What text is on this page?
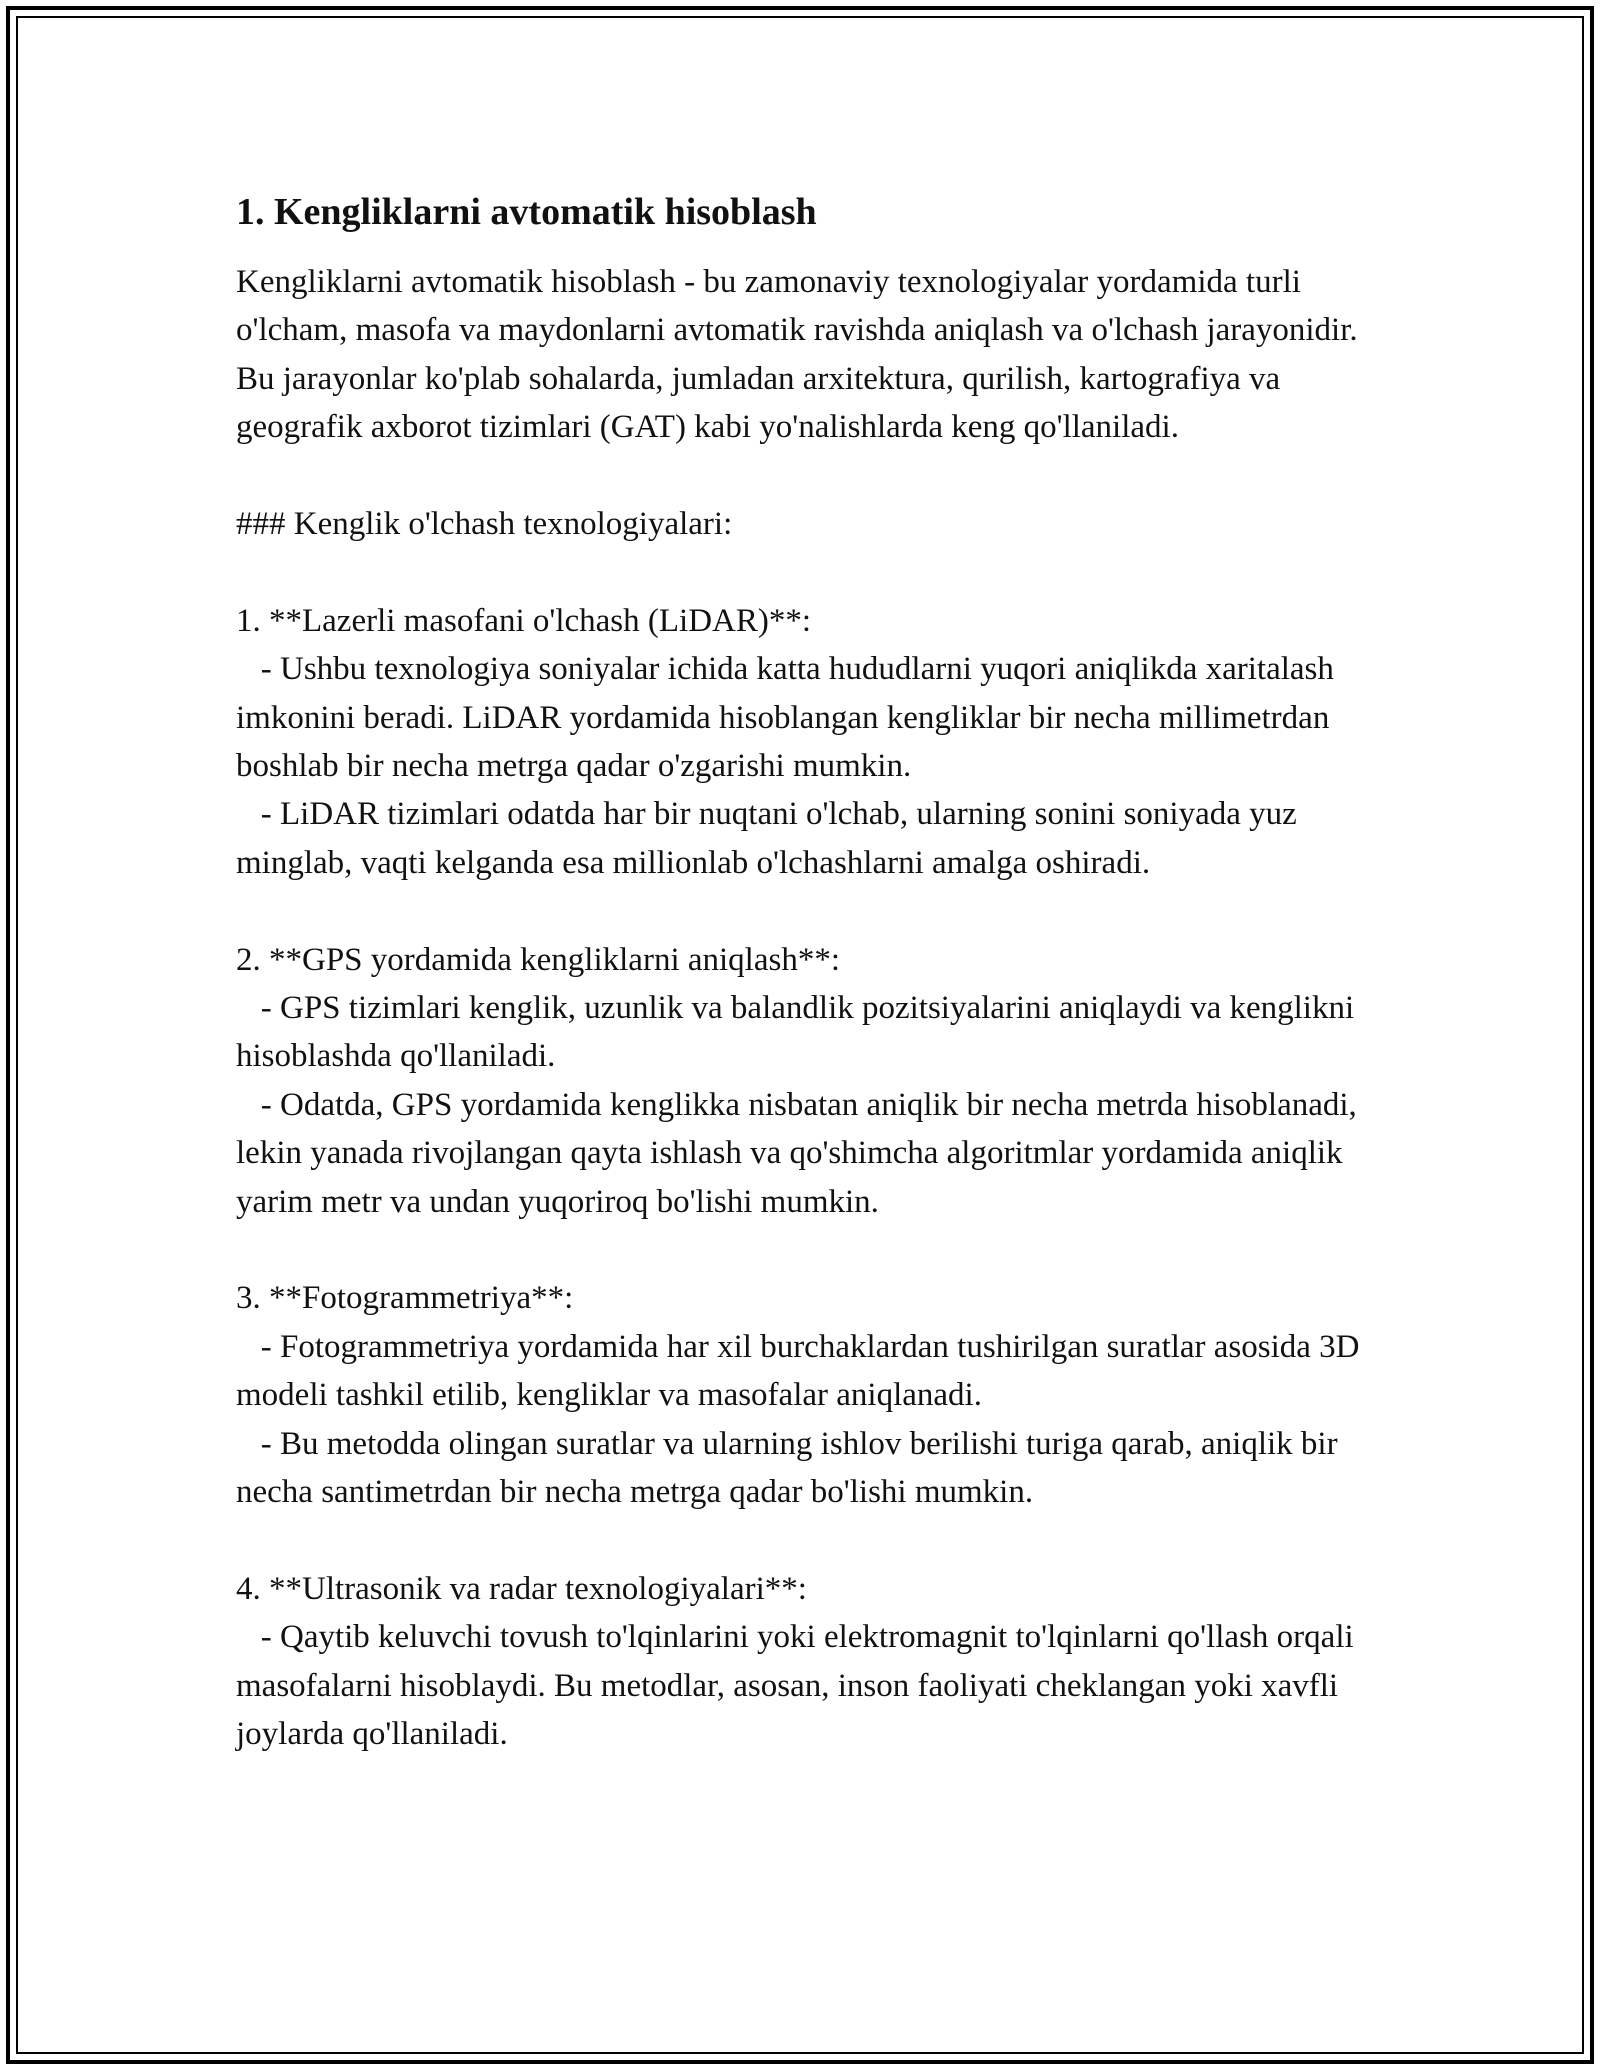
1. Kengliklarni avtomatik hisoblash

Kengliklarni avtomatik hisoblash - bu zamonaviy texnologiyalar yordamida turli o'lcham, masofa va maydonlarni avtomatik ravishda aniqlash va o'lchash jarayonidir. Bu jarayonlar ko'plab sohalarda, jumladan arxitektura, qurilish, kartografiya va geografik axborot tizimlari (GAT) kabi yo'nalishlarda keng qo'llaniladi.

### Kenglik o'lchash texnologiyalari:

1. **Lazerli masofani o'lchash (LiDAR)**:

- Ushbu texnologiya soniyalar ichida katta hududlarni yuqori aniqlikda xaritalash imkonini beradi. LiDAR yordamida hisoblangan kengliklar bir necha millimetrdan boshlab bir necha metrga qadar o'zgarishi mumkin.

- LiDAR tizimlari odatda har bir nuqtani o'lchab, ularning sonini soniyada yuz minglab, vaqti kelganda esa millionlab o'lchashlarni amalga oshiradi.

2. **GPS yordamida kengliklarni aniqlash**:

- GPS tizimlari kenglik, uzunlik va balandlik pozitsiyalarini aniqlaydi va kenglikni hisoblashda qo'llaniladi.

- Odatda, GPS yordamida kenglikka nisbatan aniqlik bir necha metrda hisoblanadi, lekin yanada rivojlangan qayta ishlash va qo'shimcha algoritmlar yordamida aniqlik yarim metr va undan yuqoriroq bo'lishi mumkin.

3. **Fotogrammetriya**:

- Fotogrammetriya yordamida har xil burchaklardan tushirilgan suratlar asosida 3D modeli tashkil etilib, kengliklar va masofalar aniqlanadi.

- Bu metodda olingan suratlar va ularning ishlov berilishi turiga qarab, aniqlik bir necha santimetrdan bir necha metrga qadar bo'lishi mumkin.

4. **Ultrasonik va radar texnologiyalari**:

- Qaytib keluvchi tovush to'lqinlarini yoki elektromagnit to'lqinlarni qo'llash orqali masofalarni hisoblaydi. Bu metodlar, asosan, inson faoliyati cheklangan yoki xavfli joylarda qo'llaniladi.
